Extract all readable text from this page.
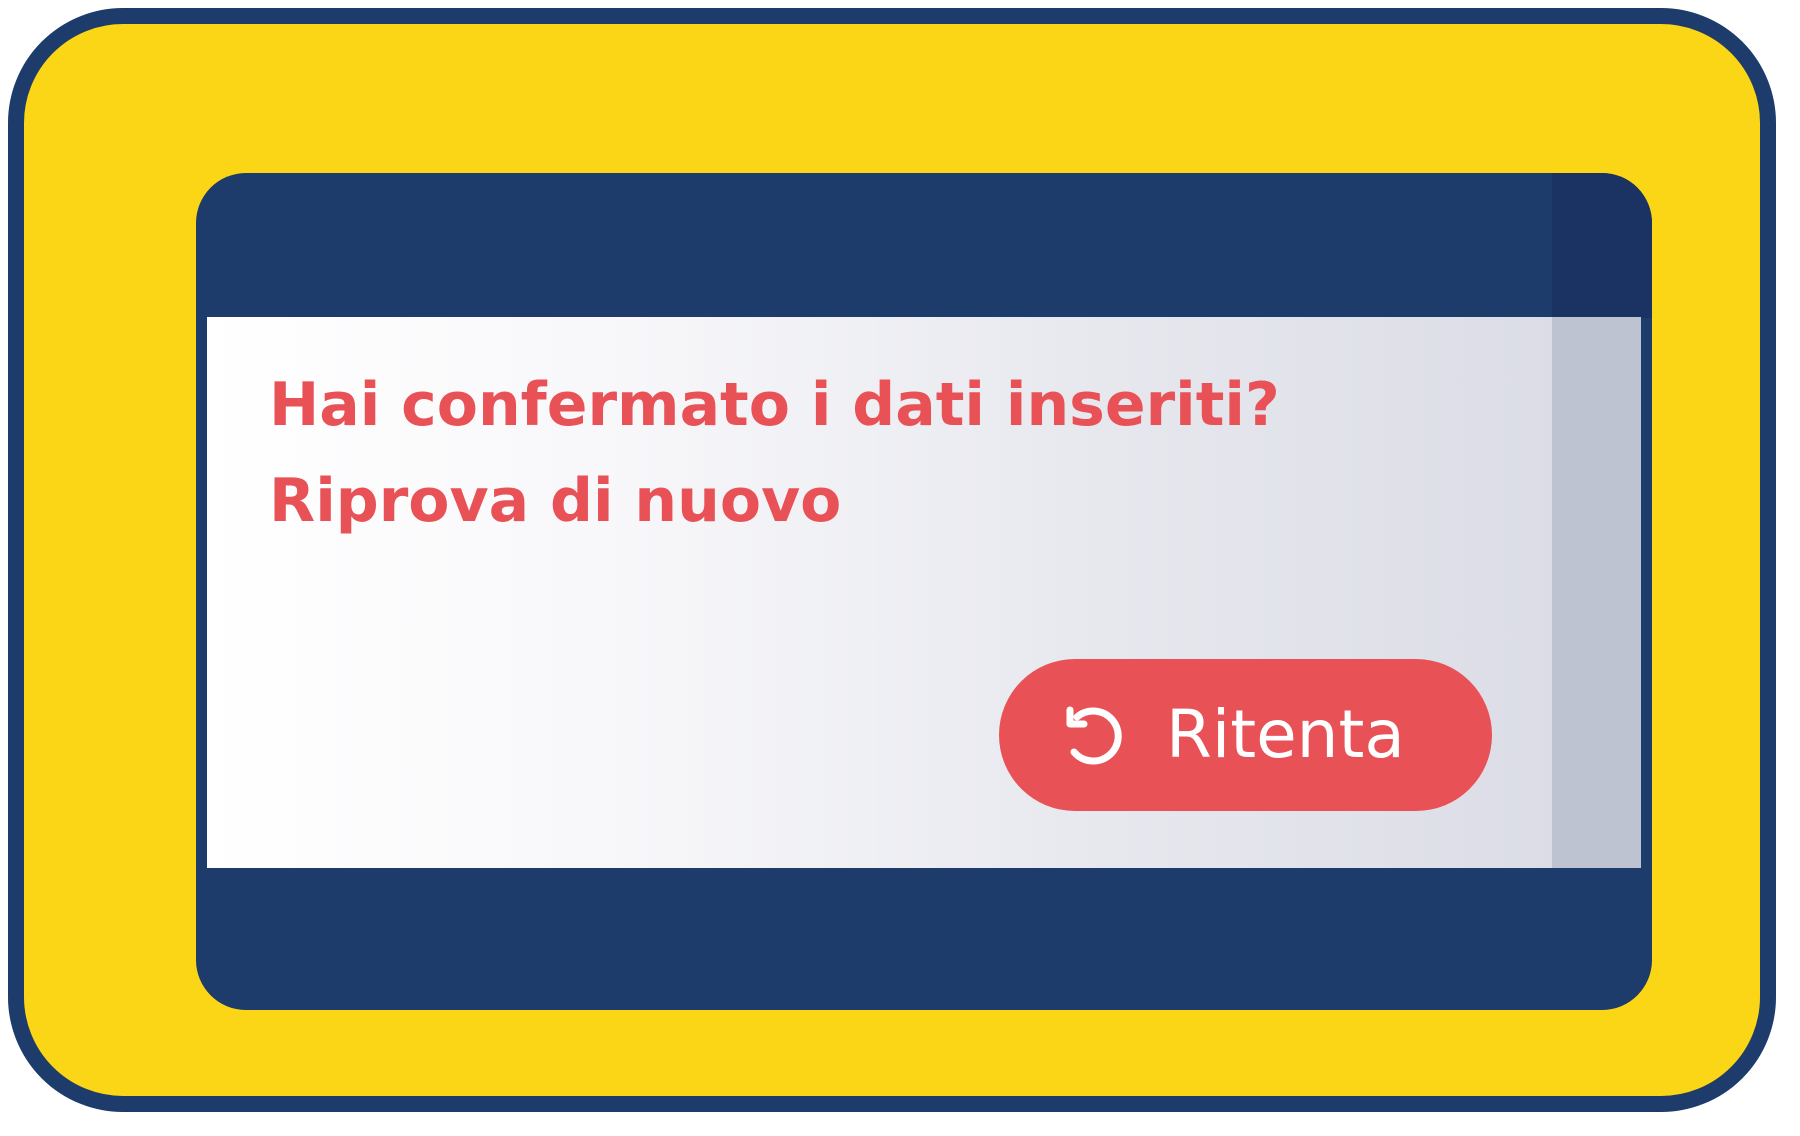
Hai confermato i dati inseriti?
Riprova di nuovo

Ritenta
